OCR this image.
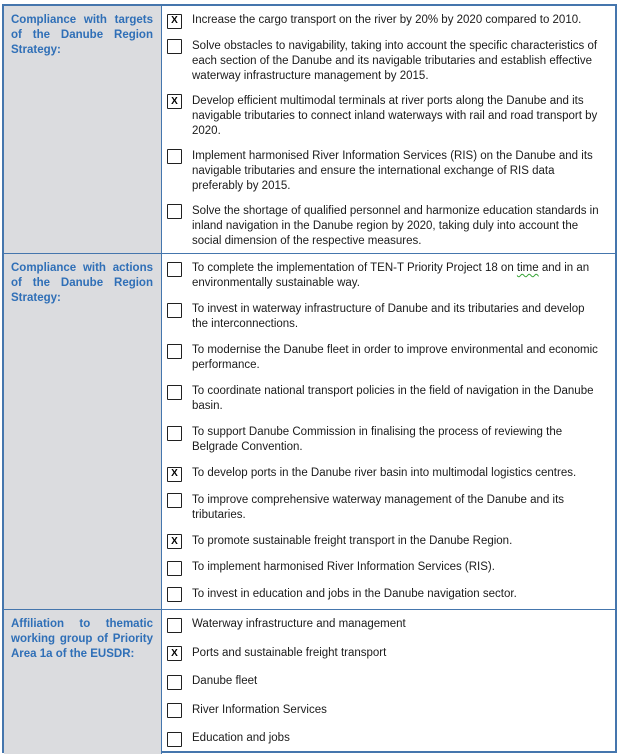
Compliance with targets of the Danube Region Strategy:
X Increase the cargo transport on the river by 20% by 2020 compared to 2010.
Solve obstacles to navigability, taking into account the specific characteristics of each section of the Danube and its navigable tributaries and establish effective waterway infrastructure management by 2015.
X Develop efficient multimodal terminals at river ports along the Danube and its navigable tributaries to connect inland waterways with rail and road transport by 2020.
Implement harmonised River Information Services (RIS) on the Danube and its navigable tributaries and ensure the international exchange of RIS data preferably by 2015.
Solve the shortage of qualified personnel and harmonize education standards in inland navigation in the Danube region by 2020, taking duly into account the social dimension of the respective measures.
Compliance with actions of the Danube Region Strategy:
To complete the implementation of TEN-T Priority Project 18 on time and in an environmentally sustainable way.
To invest in waterway infrastructure of Danube and its tributaries and develop the interconnections.
To modernise the Danube fleet in order to improve environmental and economic performance.
To coordinate national transport policies in the field of navigation in the Danube basin.
To support Danube Commission in finalising the process of reviewing the Belgrade Convention.
X To develop ports in the Danube river basin into multimodal logistics centres.
To improve comprehensive waterway management of the Danube and its tributaries.
X To promote sustainable freight transport in the Danube Region.
To implement harmonised River Information Services (RIS).
To invest in education and jobs in the Danube navigation sector.
Affiliation to thematic working group of Priority Area 1a of the EUSDR:
Waterway infrastructure and management
X Ports and sustainable freight transport
Danube fleet
River Information Services
Education and jobs
